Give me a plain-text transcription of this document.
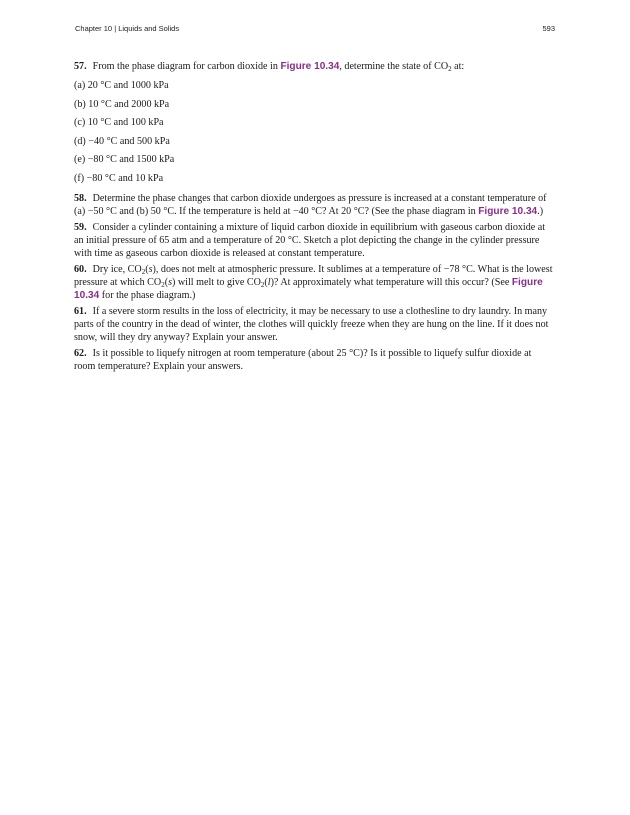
Chapter 10 | Liquids and Solids	593

57. From the phase diagram for carbon dioxide in Figure 10.34, determine the state of $CO_2$ at:

(a) 20 °C and 1000 kPa

(b) 10 °C and 2000 kPa

(c) 10 °C and 100 kPa

(d) −40 °C and 500 kPa

(e) −80 °C and 1500 kPa

(f) −80 °C and 10 kPa

58. Determine the phase changes that carbon dioxide undergoes as pressure is increased at a constant temperature of (a) −50 °C and (b) 50 °C. If the temperature is held at −40 °C? At 20 °C? (See the phase diagram in Figure 10.34.)

59. Consider a cylinder containing a mixture of liquid carbon dioxide in equilibrium with gaseous carbon dioxide at an initial pressure of 65 atm and a temperature of 20 °C. Sketch a plot depicting the change in the cylinder pressure with time as gaseous carbon dioxide is released at constant temperature.

60. Dry ice, $CO_2(s)$, does not melt at atmospheric pressure. It sublimes at a temperature of −78 °C. What is the lowest pressure at which $CO_2(s)$ will melt to give $CO_2(l)$? At approximately what temperature will this occur? (See Figure 10.34 for the phase diagram.)

61. If a severe storm results in the loss of electricity, it may be necessary to use a clothesline to dry laundry. In many parts of the country in the dead of winter, the clothes will quickly freeze when they are hung on the line. If it does not snow, will they dry anyway? Explain your answer.

62. Is it possible to liquefy nitrogen at room temperature (about 25 °C)? Is it possible to liquefy sulfur dioxide at room temperature? Explain your answers.
